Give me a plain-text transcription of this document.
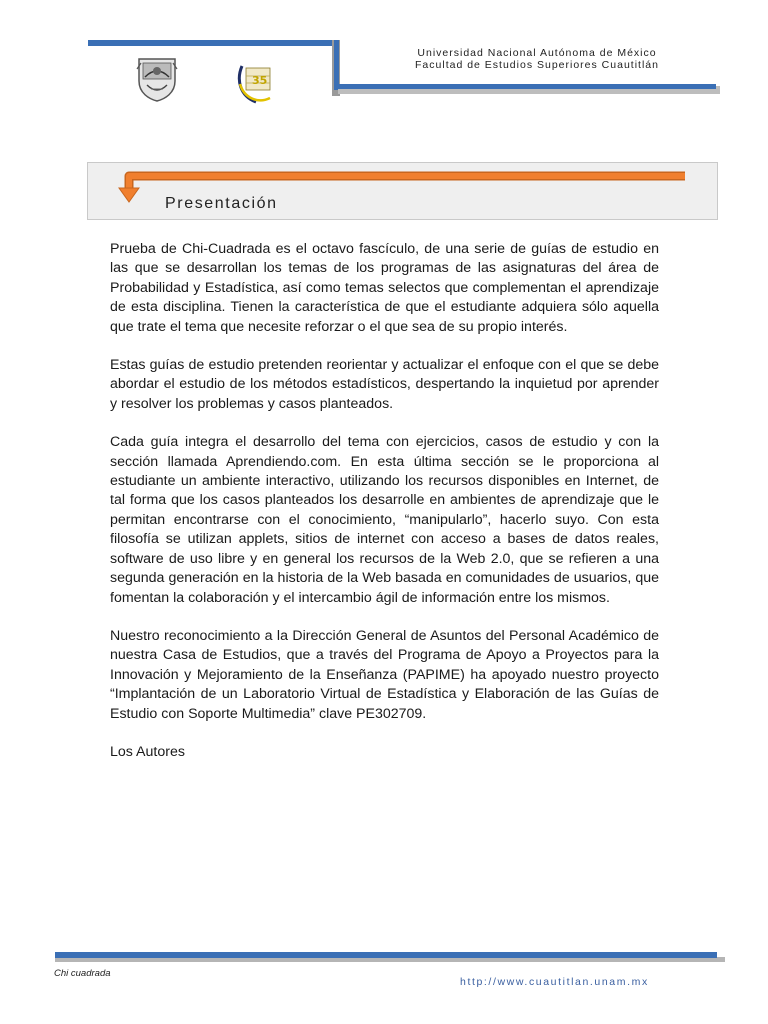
Universidad Nacional Autónoma de México
Facultad de Estudios Superiores Cuautitlán
35
Presentación

Prueba de Chi-Cuadrada es el octavo fascículo, de una serie de guías de estudio en las que se desarrollan los temas de los programas de las asignaturas del área de Probabilidad y Estadística, así como temas selectos que complementan el aprendizaje de esta disciplina. Tienen la característica de que el estudiante adquiera sólo aquella que trate el tema que necesite reforzar o el que sea de su propio interés.

Estas guías de estudio pretenden reorientar y actualizar el enfoque con el que se debe abordar el estudio de los métodos estadísticos, despertando la inquietud por aprender y resolver los problemas y casos planteados.

Cada guía integra el desarrollo del tema con ejercicios, casos de estudio y con la sección llamada Aprendiendo.com. En esta última sección se le proporciona al estudiante un ambiente interactivo, utilizando los recursos disponibles en Internet, de tal forma que los casos planteados los desarrolle en ambientes de aprendizaje que le permitan encontrarse con el conocimiento, “manipularlo”, hacerlo suyo. Con esta filosofía se utilizan applets, sitios de internet con acceso a bases de datos reales, software de uso libre y en general los recursos de la Web 2.0, que se refieren a una segunda generación en la historia de la Web basada en comunidades de usuarios, que fomentan la colaboración y el intercambio ágil de información entre los mismos.

Nuestro reconocimiento a la Dirección General de Asuntos del Personal Académico de nuestra Casa de Estudios, que a través del Programa de Apoyo a Proyectos para la Innovación y Mejoramiento de la Enseñanza (PAPIME) ha apoyado nuestro proyecto “Implantación de un Laboratorio Virtual de Estadística y Elaboración de las Guías de Estudio con Soporte Multimedia” clave PE302709.

Los Autores

Chi cuadrada
http://www.cuautitlan.unam.mx
